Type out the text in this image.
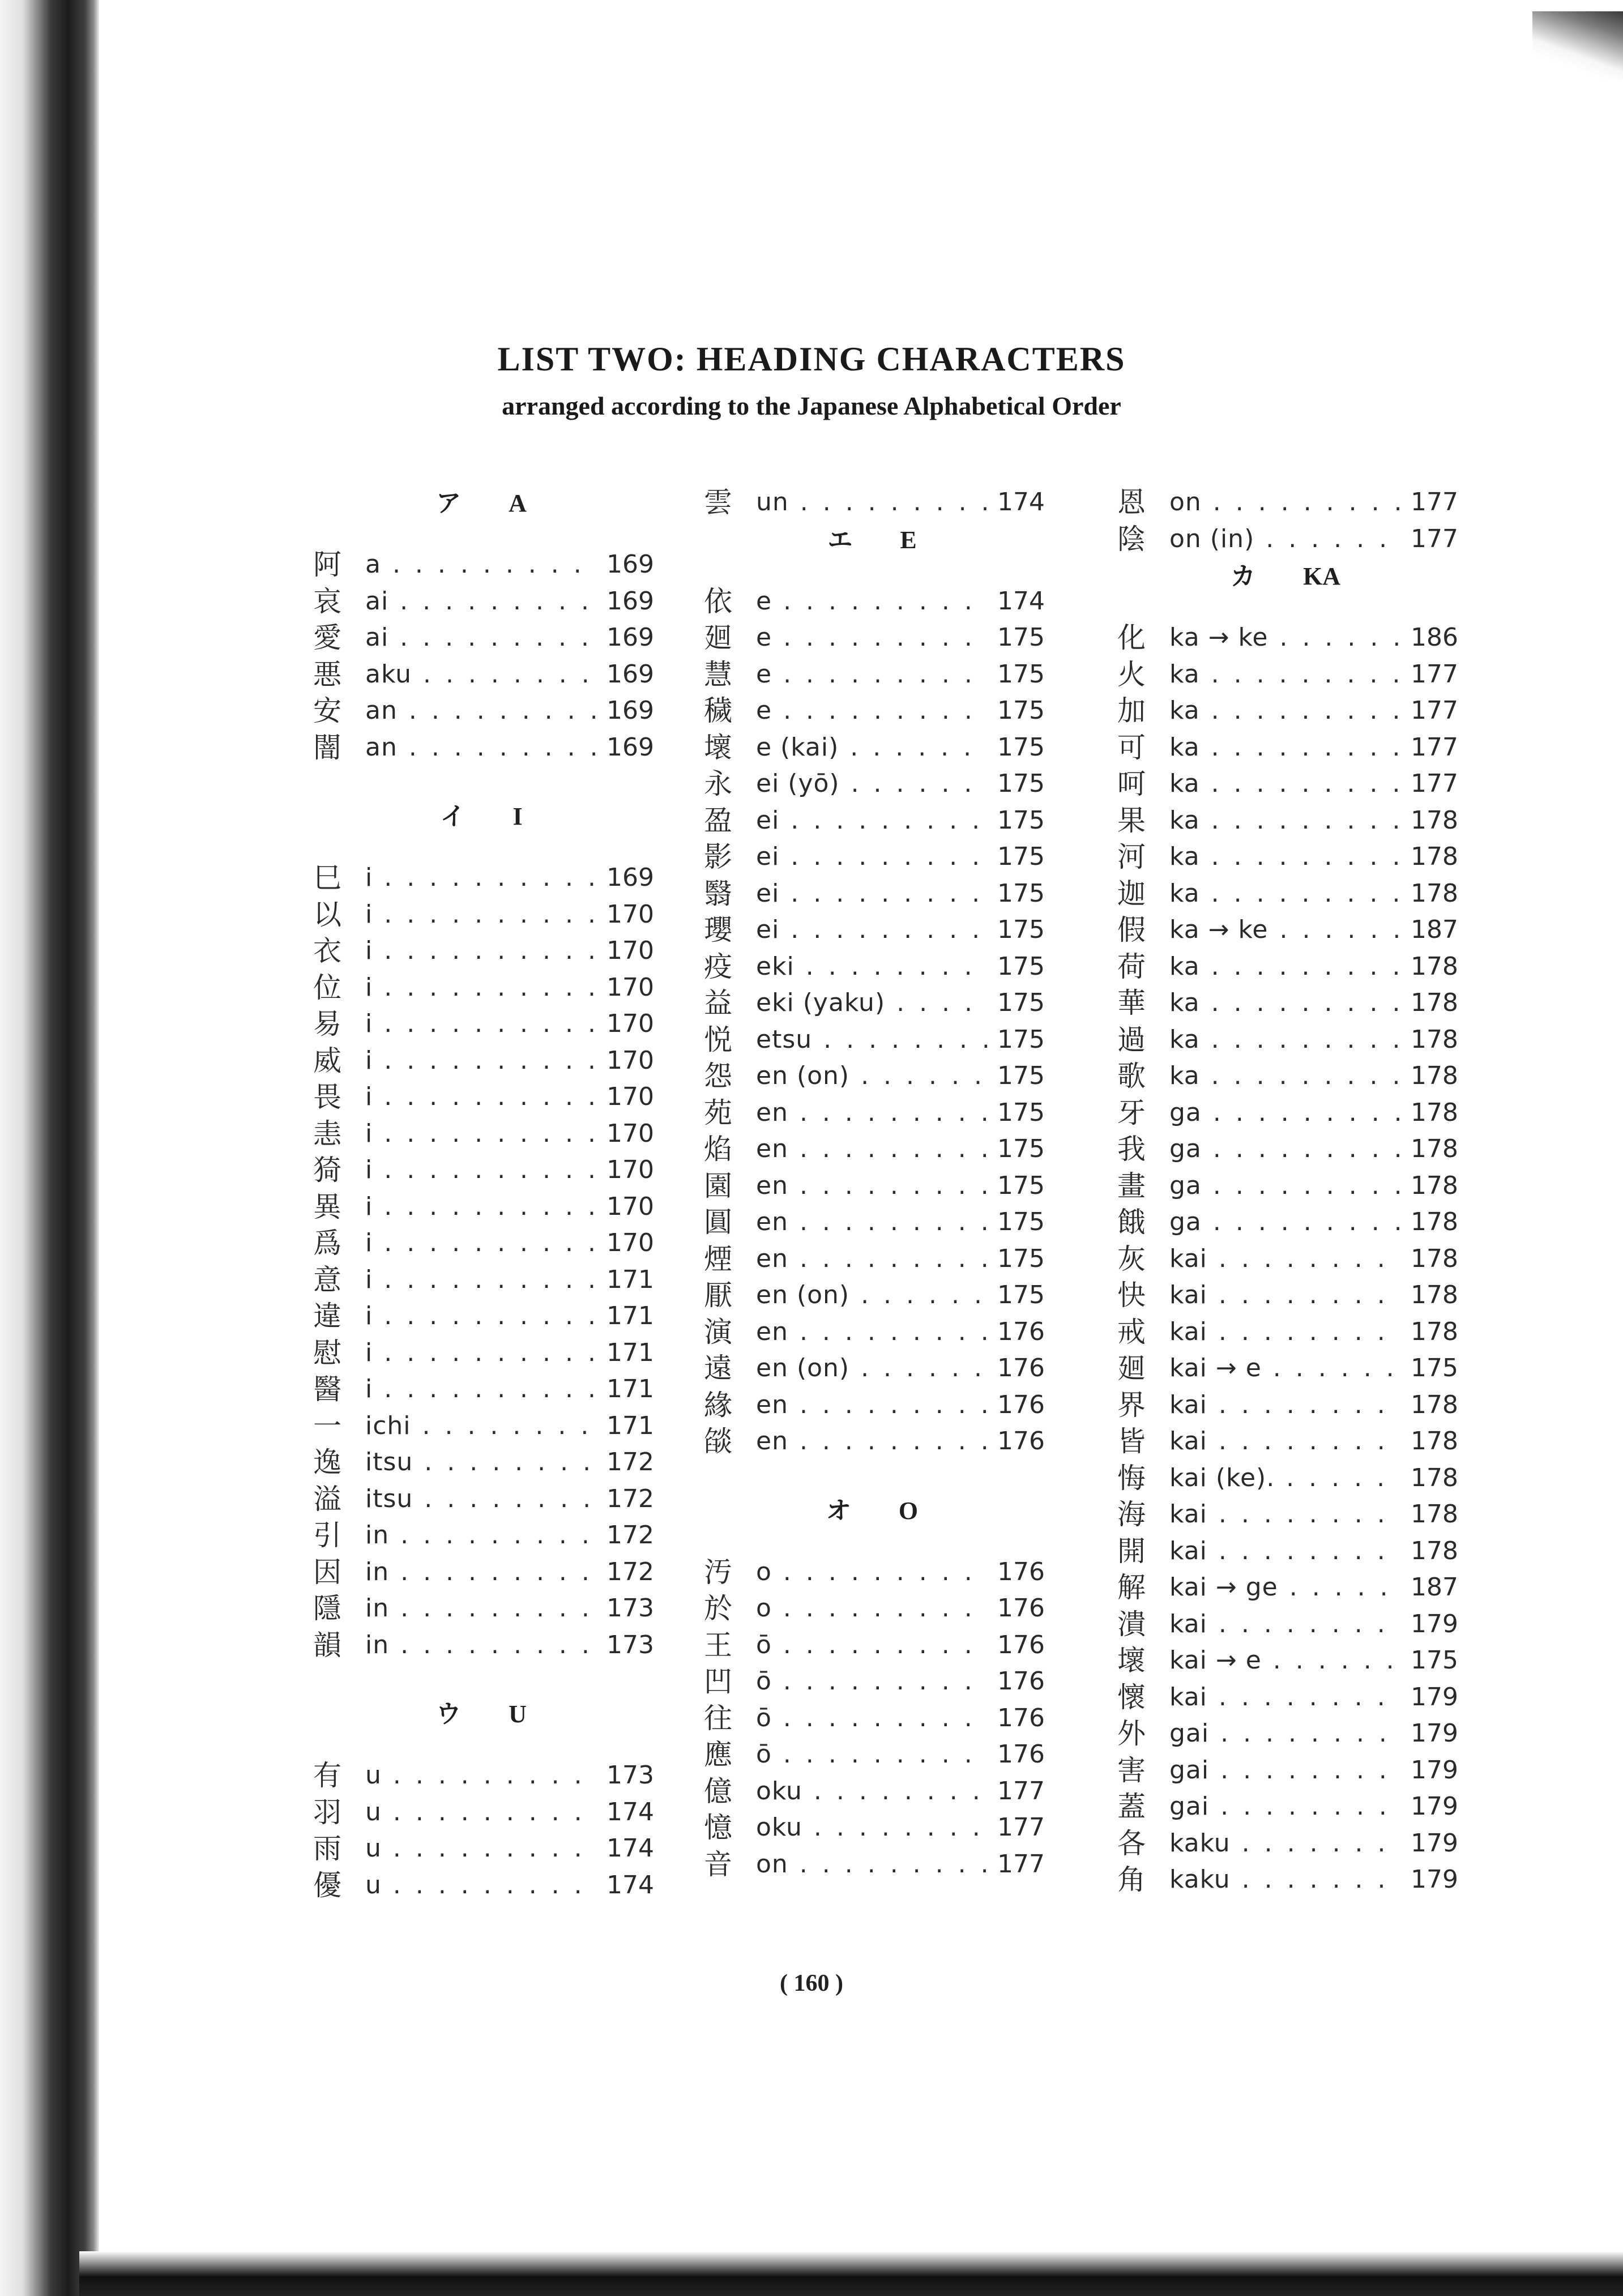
LIST TWO: HEADING CHARACTERS
arranged according to the Japanese Alphabetical Order
ア A
阿 a . . .	169
哀 ai . . .	169
愛 ai . . .	169
悪 aku . . .	169
安 an . . .	169
闇 an . . .	169
イ I
巳 i . . .	169
以 i . . .	170
衣 i . . .	170
位 i . . .	170
易 i . . .	170
威 i . . .	170
畏 i . . .	170
恚 i . . .	170
猗 i . . .	170
異 i . . .	170
爲 i . . .	170
意 i . . .	171
違 i . . .	171
慰 i . . .	171
醫 i . . .	171
一 ichi . . .	171
逸 itsu . . .	172
溢 itsu . . .	172
引 in . . .	172
因 in . . .	172
隱 in . . .	173
韻 in . . .	173
ウ U
有 u . . .	173
羽 u . . .	174
雨 u . . .	174
優 u . . .	174
雲 un . . .	174
エ E
依 e . . .	174
廻 e . . .	175
慧 e . . .	175
穢 e . . .	175
壞 e (kai) . . .	175
永 ei (yō) . . .	175
盈 ei . . .	175
影 ei . . .	175
翳 ei . . .	175
瓔 ei . . .	175
疫 eki . . .	175
益 eki (yaku) . . .	175
悦 etsu . . .	175
怨 en (on) . . .	175
苑 en . . .	175
焰 en . . .	175
園 en . . .	175
圓 en . . .	175
煙 en . . .	175
厭 en (on) . . .	175
演 en . . .	176
遠 en (on) . . .	176
緣 en . . .	176
燄 en . . .	176
オ O
汚 o . . .	176
於 o . . .	176
王 ō . . .	176
凹 ō . . .	176
往 ō . . .	176
應 ō . . .	176
億 oku . . .	177
憶 oku . . .	177
音 on . . .	177
恩 on . . .	177
陰 on (in) . . .	177
カ KA
化 ka → ke . . .	186
火 ka . . .	177
加 ka . . .	177
可 ka . . .	177
呵 ka . . .	177
果 ka . . .	178
河 ka . . .	178
迦 ka . . .	178
假 ka → ke . . .	187
荷 ka . . .	178
華 ka . . .	178
過 ka . . .	178
歌 ka . . .	178
牙 ga . . .	178
我 ga . . .	178
畫 ga . . .	178
餓 ga . . .	178
灰 kai . . .	178
快 kai . . .	178
戒 kai . . .	178
廻 kai → e . . .	175
界 kai . . .	178
皆 kai . . .	178
悔 kai (ke). . . .	178
海 kai . . .	178
開 kai . . .	178
解 kai → ge . . .	187
潰 kai . . .	179
壞 kai → e . . .	175
懷 kai . . .	179
外 gai . . .	179
害 gai . . .	179
蓋 gai . . .	179
各 kaku . . .	179
角 kaku . . .	179
( 160 )
